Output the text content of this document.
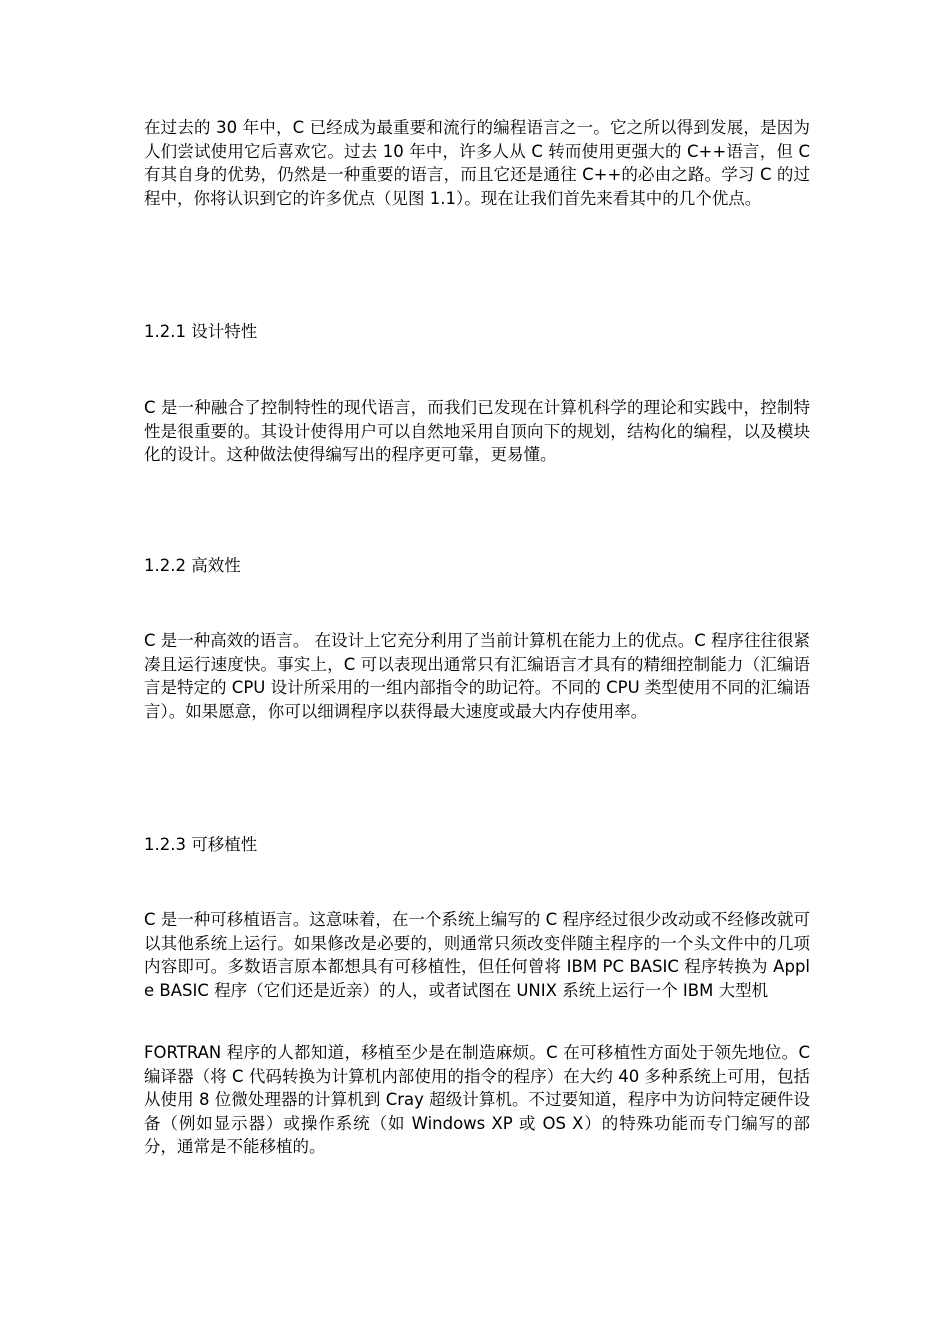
在过去的 30 年中，C 已经成为最重要和流行的编程语言之一。它之所以得到发展，是因为人们尝试使用它后喜欢它。过去 10 年中，许多人从 C 转而使用更强大的 C++语言，但 C 有其自身的优势，仍然是一种重要的语言，而且它还是通往 C++的必由之路。学习 C 的过程中，你将认识到它的许多优点（见图 1.1）。现在让我们首先来看其中的几个优点。

1.2.1 设计特性

C 是一种融合了控制特性的现代语言，而我们已发现在计算机科学的理论和实践中，控制特性是很重要的。其设计使得用户可以自然地采用自顶向下的规划，结构化的编程，以及模块化的设计。这种做法使得编写出的程序更可靠，更易懂。

1.2.2 高效性

C 是一种高效的语言。 在设计上它充分利用了当前计算机在能力上的优点。C 程序往往很紧凑且运行速度快。事实上，C 可以表现出通常只有汇编语言才具有的精细控制能力（汇编语言是特定的 CPU 设计所采用的一组内部指令的助记符。不同的 CPU 类型使用不同的汇编语言）。如果愿意，你可以细调程序以获得最大速度或最大内存使用率。

1.2.3 可移植性

C 是一种可移植语言。这意味着，在一个系统上编写的 C 程序经过很少改动或不经修改就可以其他系统上运行。如果修改是必要的，则通常只须改变伴随主程序的一个头文件中的几项内容即可。多数语言原本都想具有可移植性，但任何曾将 IBM PC BASIC 程序转换为 Apple BASIC 程序（它们还是近亲）的人，或者试图在 UNIX 系统上运行一个 IBM 大型机

FORTRAN 程序的人都知道，移植至少是在制造麻烦。C 在可移植性方面处于领先地位。C 编译器（将 C 代码转换为计算机内部使用的指令的程序）在大约 40 多种系统上可用，包括从使用 8 位微处理器的计算机到 Cray 超级计算机。不过要知道，程序中为访问特定硬件设备（例如显示器）或操作系统（如 Windows XP 或 OS X）的特殊功能而专门编写的部分，通常是不能移植的。
